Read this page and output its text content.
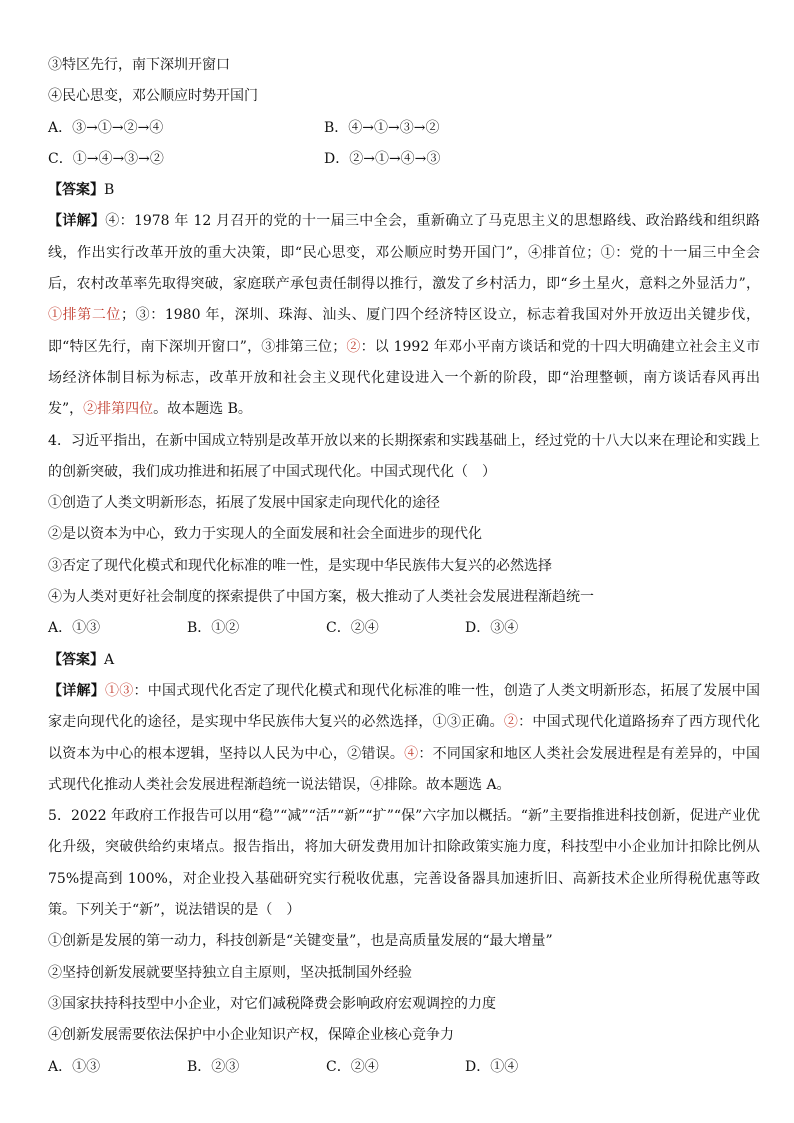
③特区先行，南下深圳开窗口
④民心思变，邓公顺应时势开国门
A．③→①→②→④	B．④→①→③→②
C．①→④→③→②	D．②→①→④→③
【答案】B
【详解】④：1978 年 12 月召开的党的十一届三中全会，重新确立了马克思主义的思想路线、政治路线和组织路线，作出实行改革开放的重大决策，即“民心思变，邓公顺应时势开国门”，④排首位；①：党的十一届三中全会后，农村改革率先取得突破，家庭联产承包责任制得以推行，激发了乡村活力，即“乡土星火，意料之外显活力”，①排第二位；③：1980 年，深圳、珠海、汕头、厦门四个经济特区设立，标志着我国对外开放迈出关键步伐，即“特区先行，南下深圳开窗口”，③排第三位；②：以 1992 年邓小平南方谈话和党的十四大明确建立社会主义市场经济体制目标为标志，改革开放和社会主义现代化建设进入一个新的阶段，即“治理整顿，南方谈话春风再出发”，②排第四位。故本题选 B。
4．习近平指出，在新中国成立特别是改革开放以来的长期探索和实践基础上，经过党的十八大以来在理论和实践上的创新突破，我们成功推进和拓展了中国式现代化。中国式现代化（　）
①创造了人类文明新形态，拓展了发展中国家走向现代化的途径
②是以资本为中心，致力于实现人的全面发展和社会全面进步的现代化
③否定了现代化模式和现代化标准的唯一性，是实现中华民族伟大复兴的必然选择
④为人类对更好社会制度的探索提供了中国方案，极大推动了人类社会发展进程渐趋统一
A．①③	B．①②	C．②④	D．③④
【答案】A
【详解】①③：中国式现代化否定了现代化模式和现代化标准的唯一性，创造了人类文明新形态，拓展了发展中国家走向现代化的途径，是实现中华民族伟大复兴的必然选择，①③正确。②：中国式现代化道路扬弃了西方现代化以资本为中心的根本逻辑，坚持以人民为中心，②错误。④：不同国家和地区人类社会发展进程是有差异的，中国式现代化推动人类社会发展进程渐趋统一说法错误，④排除。故本题选 A。
5．2022 年政府工作报告可以用“稳”“减”“活”“新”“扩”“保”六字加以概括。“新”主要指推进科技创新，促进产业优化升级，突破供给约束堵点。报告指出，将加大研发费用加计扣除政策实施力度，科技型中小企业加计扣除比例从 75%提高到 100%，对企业投入基础研究实行税收优惠，完善设备器具加速折旧、高新技术企业所得税优惠等政策。下列关于“新”，说法错误的是（　）
①创新是发展的第一动力，科技创新是“关键变量”，也是高质量发展的“最大增量”
②坚持创新发展就要坚持独立自主原则，坚决抵制国外经验
③国家扶持科技型中小企业，对它们减税降费会影响政府宏观调控的力度
④创新发展需要依法保护中小企业知识产权，保障企业核心竞争力
A．①③	B．②③	C．②④	D．①④
